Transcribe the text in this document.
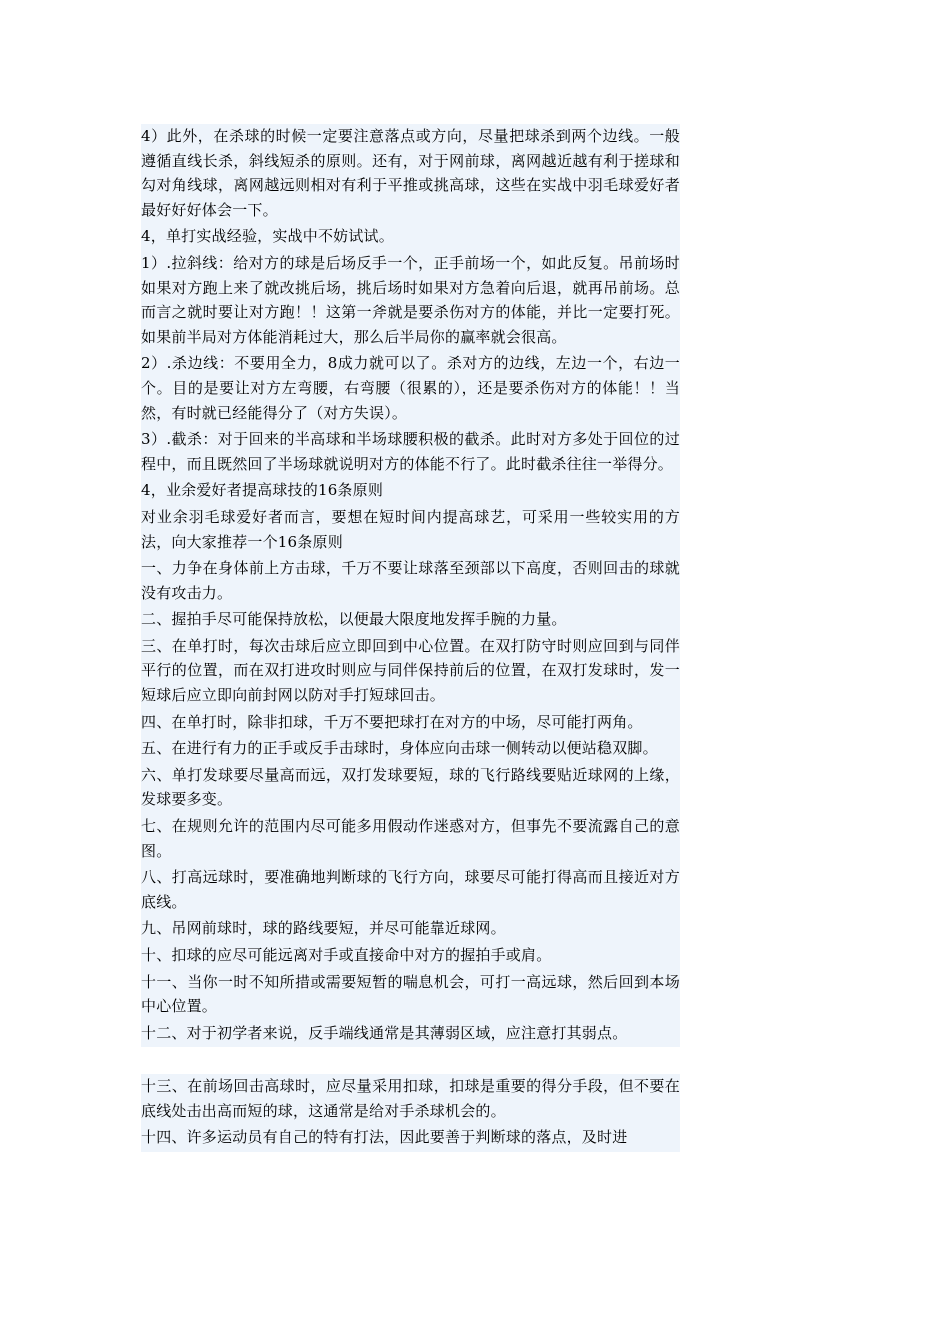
4）此外，在杀球的时候一定要注意落点或方向，尽量把球杀到两个边线。一般遵循直线长杀，斜线短杀的原则。还有，对于网前球，离网越近越有利于搓球和勾对角线球，离网越远则相对有利于平推或挑高球，这些在实战中羽毛球爱好者最好好好体会一下。

4，单打实战经验，实战中不妨试试。

1）.拉斜线：给对方的球是后场反手一个，正手前场一个，如此反复。吊前场时如果对方跑上来了就改挑后场，挑后场时如果对方急着向后退，就再吊前场。总而言之就时要让对方跑！！这第一斧就是要杀伤对方的体能，并比一定要打死。如果前半局对方体能消耗过大，那么后半局你的赢率就会很高。

2）.杀边线：不要用全力，8成力就可以了。杀对方的边线，左边一个，右边一个。目的是要让对方左弯腰，右弯腰（很累的），还是要杀伤对方的体能！！当然，有时就已经能得分了（对方失误）。

3）.截杀：对于回来的半高球和半场球腰积极的截杀。此时对方多处于回位的过程中，而且既然回了半场球就说明对方的体能不行了。此时截杀往往一举得分。

4，业余爱好者提高球技的16条原则

对业余羽毛球爱好者而言，要想在短时间内提高球艺，可采用一些较实用的方法，向大家推荐一个16条原则

一、力争在身体前上方击球，千万不要让球落至颈部以下高度，否则回击的球就没有攻击力。

二、握拍手尽可能保持放松，以便最大限度地发挥手腕的力量。

三、在单打时，每次击球后应立即回到中心位置。在双打防守时则应回到与同伴平行的位置，而在双打进攻时则应与同伴保持前后的位置，在双打发球时，发一短球后应立即向前封网以防对手打短球回击。

四、在单打时，除非扣球，千万不要把球打在对方的中场，尽可能打两角。

五、在进行有力的正手或反手击球时，身体应向击球一侧转动以便站稳双脚。

六、单打发球要尽量高而远，双打发球要短，球的飞行路线要贴近球网的上缘，发球要多变。

七、在规则允许的范围内尽可能多用假动作迷惑对方，但事先不要流露自己的意图。

八、打高远球时，要准确地判断球的飞行方向，球要尽可能打得高而且接近对方底线。

九、吊网前球时，球的路线要短，并尽可能靠近球网。

十、扣球的应尽可能远离对手或直接命中对方的握拍手或肩。

十一、当你一时不知所措或需要短暂的喘息机会，可打一高远球，然后回到本场中心位置。

十二、对于初学者来说，反手端线通常是其薄弱区域，应注意打其弱点。

十三、在前场回击高球时，应尽量采用扣球，扣球是重要的得分手段，但不要在底线处击出高而短的球，这通常是给对手杀球机会的。

十四、许多运动员有自己的特有打法，因此要善于判断球的落点，及时进
